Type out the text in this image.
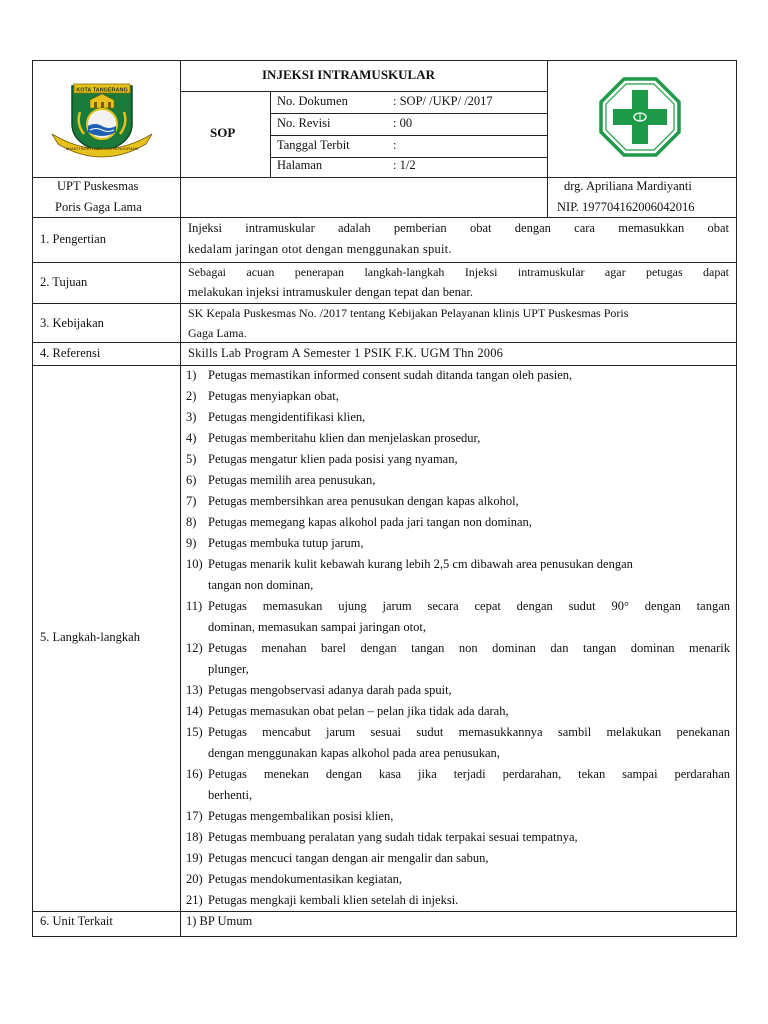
KOTA TANGERANG
BHAKTI BUKTI ABDI KARYA NUGRAHA
INJEKSI INTRAMUSKULAR
SOP
No. Dokumen	: SOP/ /UKP/ /2017
No. Revisi	: 00
Tanggal Terbit	:
Halaman	: 1/2
UPT Puskesmas
Poris Gaga Lama
drg. Apriliana Mardiyanti
NIP. 197704162006042016
1. Pengertian
Injeksi intramuskular adalah pemberian obat dengan cara memasukkan obat
kedalam jaringan otot dengan menggunakan spuit.
2. Tujuan
Sebagai acuan penerapan langkah-langkah Injeksi intramuskular agar petugas dapat
melakukan injeksi intramuskuler dengan tepat dan benar.
3. Kebijakan
SK Kepala Puskesmas No. /2017 tentang Kebijakan Pelayanan klinis UPT Puskesmas Poris
Gaga Lama.
4. Referensi	Skills Lab Program A Semester 1 PSIK F.K. UGM Thn 2006
5. Langkah-langkah
1) Petugas memastikan informed consent sudah ditanda tangan oleh pasien,
2) Petugas menyiapkan obat,
3) Petugas mengidentifikasi klien,
4) Petugas memberitahu klien dan menjelaskan prosedur,
5) Petugas mengatur klien pada posisi yang nyaman,
6) Petugas memilih area penusukan,
7) Petugas membersihkan area penusukan dengan kapas alkohol,
8) Petugas memegang kapas alkohol pada jari tangan non dominan,
9) Petugas membuka tutup jarum,
10) Petugas menarik kulit kebawah kurang lebih 2,5 cm dibawah area penusukan dengan
tangan non dominan,
11) Petugas memasukan ujung jarum secara cepat dengan sudut 90° dengan tangan
dominan, memasukan sampai jaringan otot,
12) Petugas menahan barel dengan tangan non dominan dan tangan dominan menarik
plunger,
13) Petugas mengobservasi adanya darah pada spuit,
14) Petugas memasukan obat pelan – pelan jika tidak ada darah,
15) Petugas mencabut jarum sesuai sudut memasukkannya sambil melakukan penekanan
dengan menggunakan kapas alkohol pada area penusukan,
16) Petugas menekan dengan kasa jika terjadi perdarahan, tekan sampai perdarahan
berhenti,
17) Petugas mengembalikan posisi klien,
18) Petugas membuang peralatan yang sudah tidak terpakai sesuai tempatnya,
19) Petugas mencuci tangan dengan air mengalir dan sabun,
20) Petugas mendokumentasikan kegiatan,
21) Petugas mengkaji kembali klien setelah di injeksi.
6. Unit Terkait	1) BP Umum
